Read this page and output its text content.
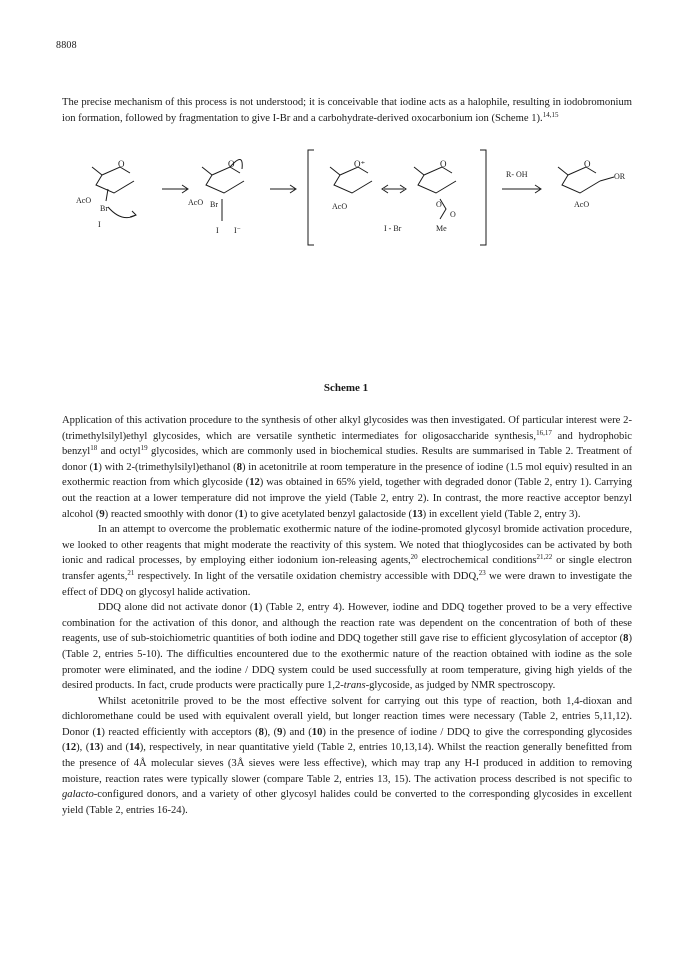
8808

The precise mechanism of this process is not understood; it is conceivable that iodine acts as a halophile, resulting in iodobromonium ion formation, followed by fragmentation to give I-Br and a carbohydrate-derived oxocarbonium ion (Scheme 1).$^{14,15}$

O
AcO
Br
I
O
AcO Br
I I⁻
O⁺
AcO
I - Br
O
O
O
Me
R- OH
O
OR
AcO
Scheme 1

Application of this activation procedure to the synthesis of other alkyl glycosides was then investigated. Of particular interest were 2-(trimethylsilyl)ethyl glycosides, which are versatile synthetic intermediates for oligosaccharide synthesis,$^{16,17}$ and hydrophobic benzyl$^{18}$ and octyl$^{19}$ glycosides, which are commonly used in biochemical studies. Results are summarised in Table 2. Treatment of donor (1) with 2-(trimethylsilyl)ethanol (8) in acetonitrile at room temperature in the presence of iodine (1.5 mol equiv) resulted in an exothermic reaction from which glycoside (12) was obtained in 65% yield, together with degraded donor (Table 2, entry 1). Carrying out the reaction at a lower temperature did not improve the yield (Table 2, entry 2). In contrast, the more reactive acceptor benzyl alcohol (9) reacted smoothly with donor (1) to give acetylated benzyl galactoside (13) in excellent yield (Table 2, entry 3).

In an attempt to overcome the problematic exothermic nature of the iodine-promoted glycosyl bromide activation procedure, we looked to other reagents that might moderate the reactivity of this system. We noted that thioglycosides can be activated by both ionic and radical processes, by employing either iodonium ion-releasing agents,$^{20}$ electrochemical conditions$^{21,22}$ or single electron transfer agents,$^{21}$ respectively. In light of the versatile oxidation chemistry accessible with DDQ,$^{23}$ we were drawn to investigate the effect of DDQ on glycosyl halide activation.

DDQ alone did not activate donor (1) (Table 2, entry 4). However, iodine and DDQ together proved to be a very effective combination for the activation of this donor, and although the reaction rate was dependent on the concentration of both of these reagents, use of sub-stoichiometric quantities of both iodine and DDQ together still gave rise to efficient glycosylation of acceptor (8) (Table 2, entries 5-10). The difficulties encountered due to the exothermic nature of the reaction obtained with iodine as the sole promoter were eliminated, and the iodine / DDQ system could be used successfully at room temperature, giving high yields of the desired products. In fact, crude products were practically pure 1,2-trans-glycoside, as judged by NMR spectroscopy.

Whilst acetonitrile proved to be the most effective solvent for carrying out this type of reaction, both 1,4-dioxan and dichloromethane could be used with equivalent overall yield, but longer reaction times were necessary (Table 2, entries 5,11,12). Donor (1) reacted efficiently with acceptors (8), (9) and (10) in the presence of iodine / DDQ to give the corresponding glycosides (12), (13) and (14), respectively, in near quantitative yield (Table 2, entries 10,13,14). Whilst the reaction generally benefitted from the presence of 4Å molecular sieves (3Å sieves were less effective), which may trap any H-I produced in addition to removing moisture, reaction rates were typically slower (compare Table 2, entries 13, 15). The activation process described is not specific to galacto-configured donors, and a variety of other glycosyl halides could be converted to the corresponding glycosides in excellent yield (Table 2, entries 16-24).
